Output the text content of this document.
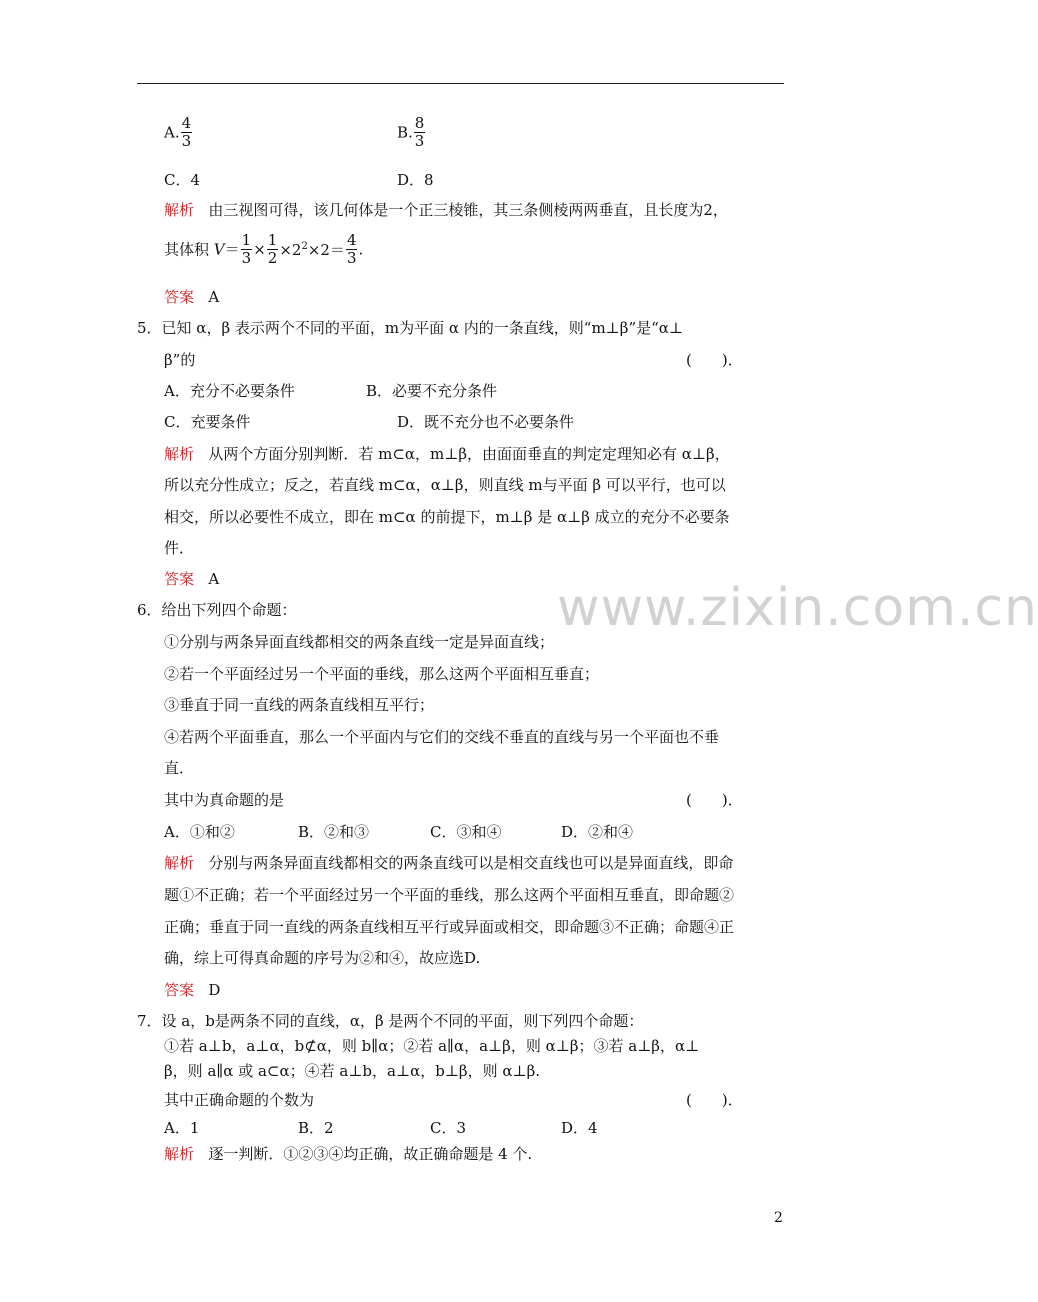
www.zixin.com.cn
A. $\frac{4}{3}$	B. $\frac{8}{3}$
C．4	D．8
解析 由三视图可得，该几何体是一个正三棱锥，其三条侧棱两两垂直，且长度为2，
其体积 $V= \frac{1}{3} \times \frac{1}{2} \times 2^2\times 2= \frac{4}{3}$ .
答案 A
5．已知 α，β 表示两个不同的平面，m为平面 α 内的一条直线，则“m⊥β”是“α⊥
β”的	(　　)．
A．充分不必要条件	B．必要不充分条件
C．充要条件	D．既不充分也不必要条件
解析 从两个方面分别判断．若 m⊂α，m⊥β，由面面垂直的判定定理知必有 α⊥β，
所以充分性成立；反之，若直线 m⊂α，α⊥β，则直线 m与平面 β 可以平行，也可以
相交，所以必要性不成立，即在 m⊂α 的前提下，m⊥β 是 α⊥β 成立的充分不必要条
件．
答案 A
6．给出下列四个命题：
①分别与两条异面直线都相交的两条直线一定是异面直线；
②若一个平面经过另一个平面的垂线，那么这两个平面相互垂直；
③垂直于同一直线的两条直线相互平行；
④若两个平面垂直，那么一个平面内与它们的交线不垂直的直线与另一个平面也不垂
直．
其中为真命题的是	(　　)．
A．①和②	B．②和③	C．③和④	D．②和④
解析 分别与两条异面直线都相交的两条直线可以是相交直线也可以是异面直线，即命
题①不正确；若一个平面经过另一个平面的垂线，那么这两个平面相互垂直，即命题②
正确；垂直于同一直线的两条直线相互平行或异面或相交，即命题③不正确；命题④正
确，综上可得真命题的序号为②和④，故应选D.
答案 D
7．设 a，b是两条不同的直线，α，β 是两个不同的平面，则下列四个命题：
①若 a⊥b，a⊥α，b⊄α，则 b∥α；②若 a∥α，a⊥β，则 α⊥β；③若 a⊥β，α⊥
β，则 a∥α 或 a⊂α；④若 a⊥b，a⊥α，b⊥β，则 α⊥β.
其中正确命题的个数为	(　　)．
A．1	B．2	C．3	D．4
解析 逐一判断．①②③④均正确，故正确命题是 4 个.
2
